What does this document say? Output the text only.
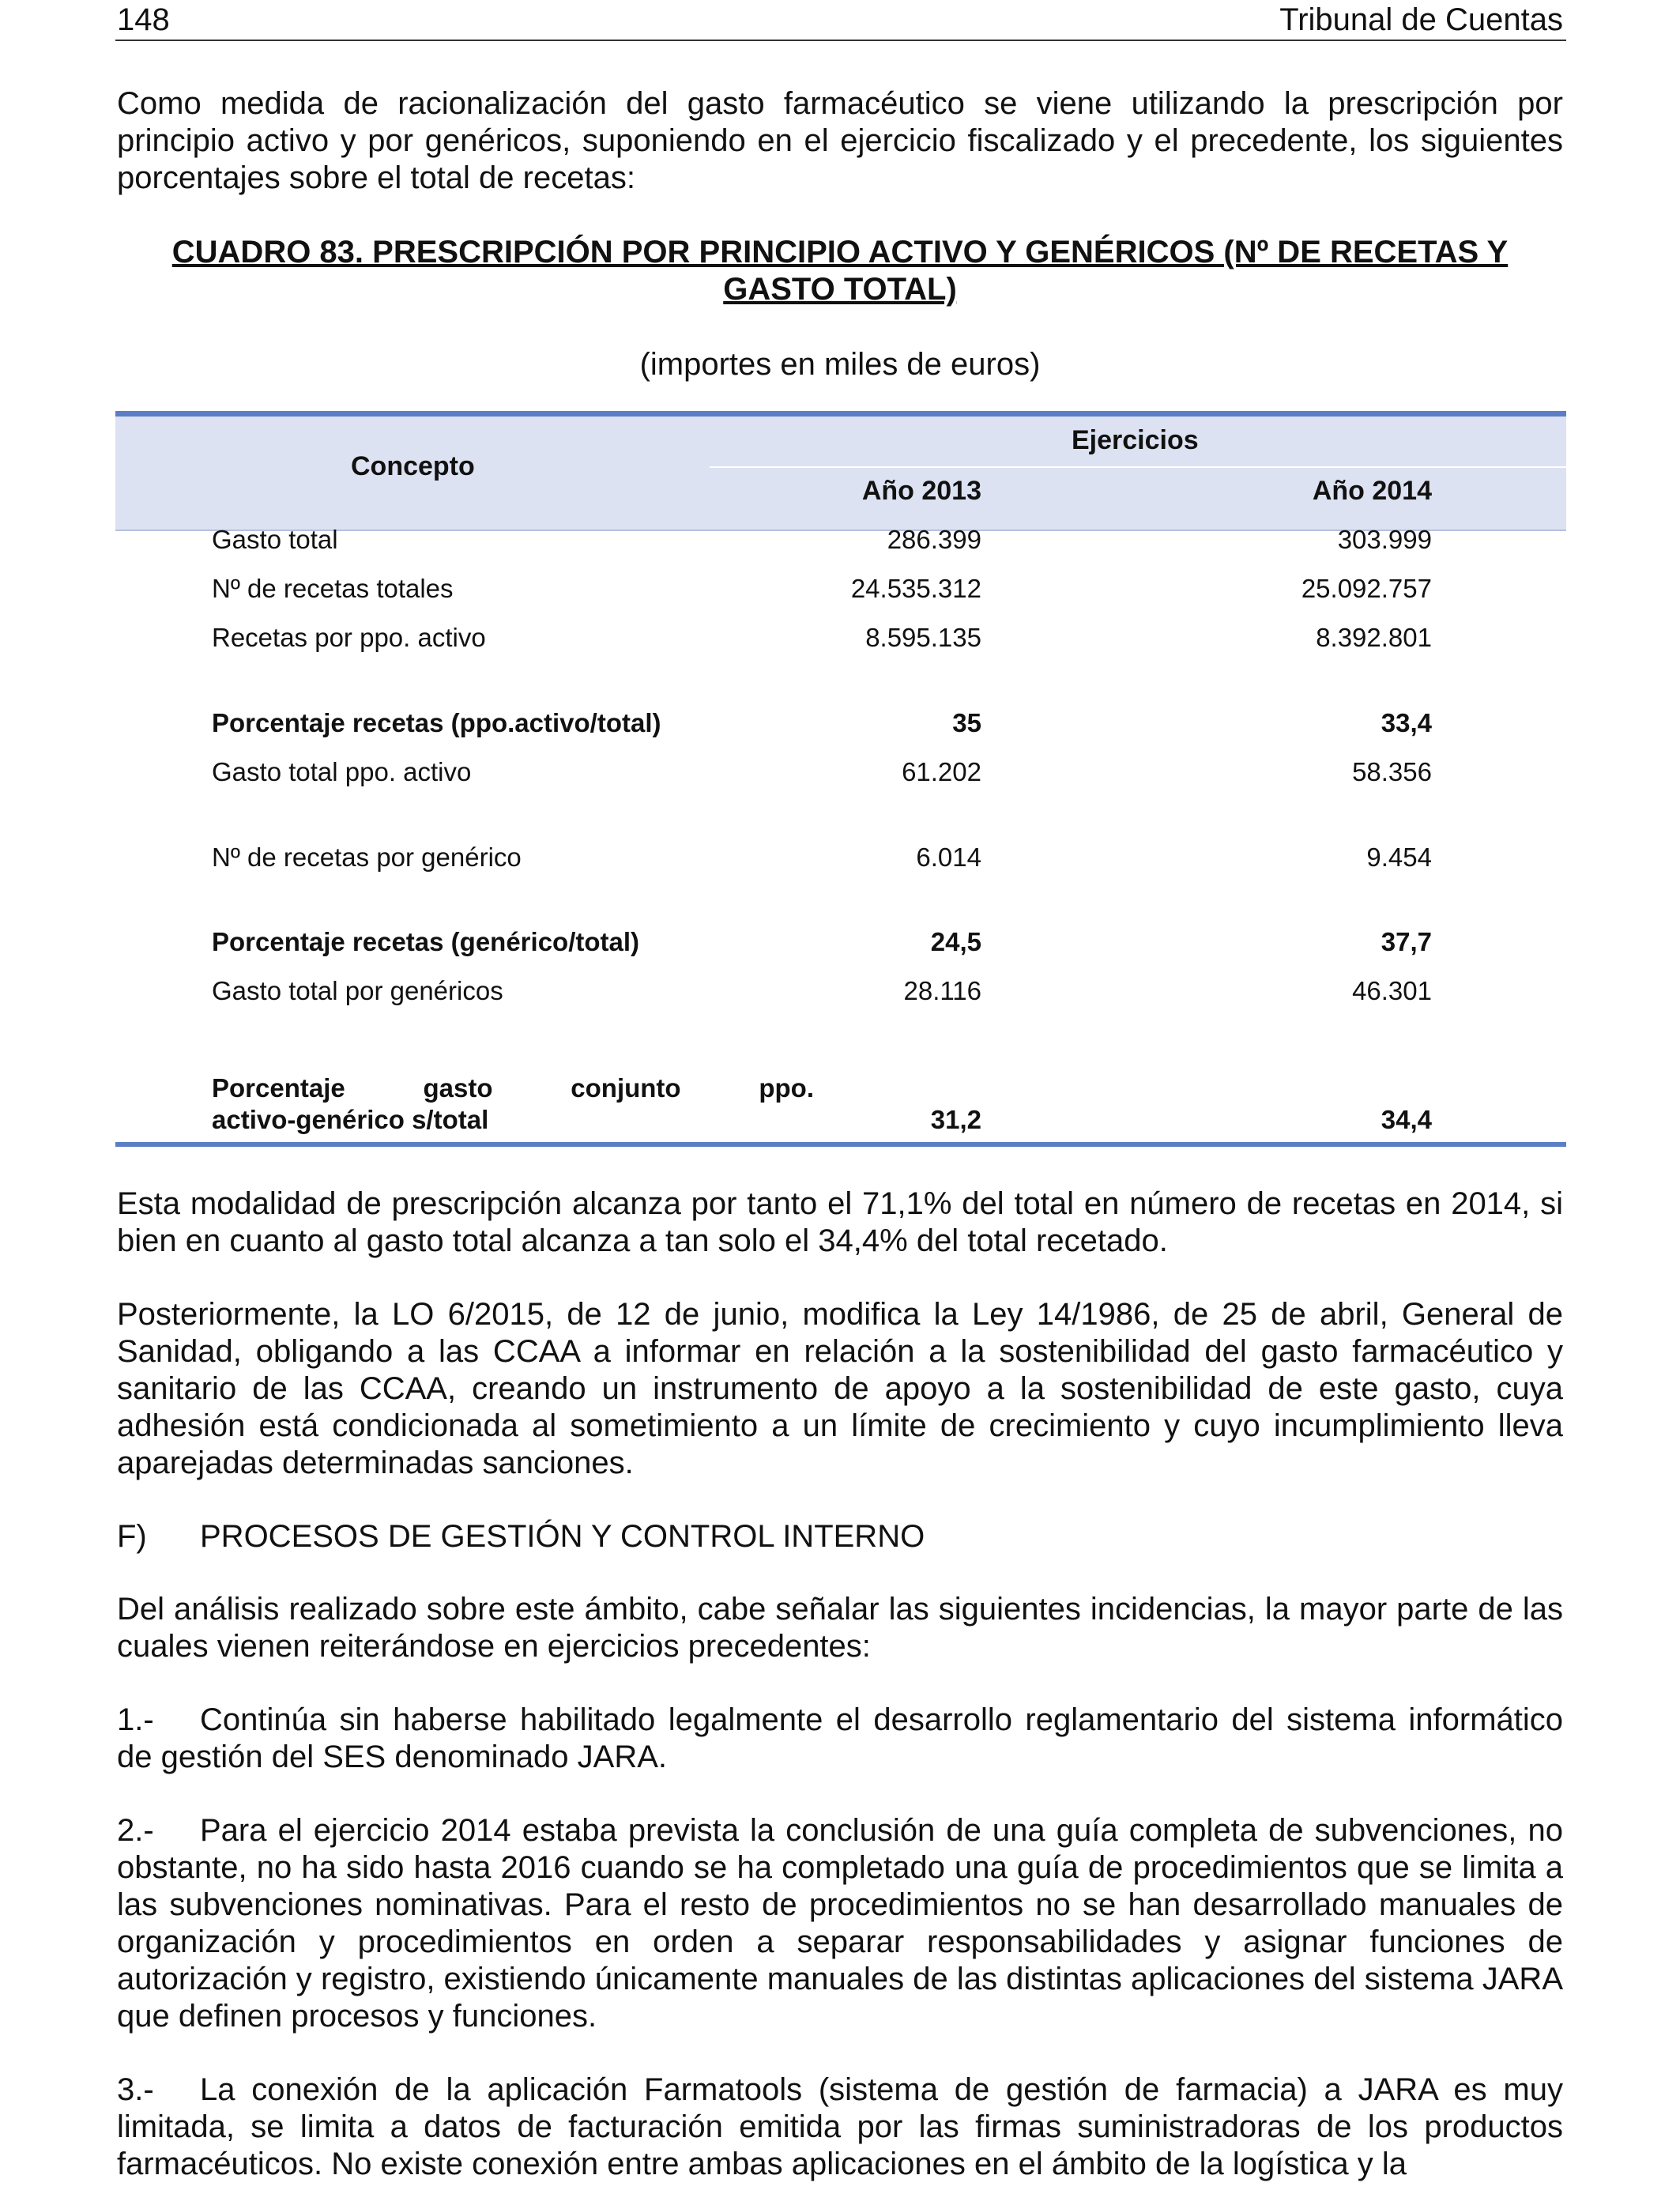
148	Tribunal de Cuentas

Como medida de racionalización del gasto farmacéutico se viene utilizando la prescripción por principio activo y por genéricos, suponiendo en el ejercicio fiscalizado y el precedente, los siguientes porcentajes sobre el total de recetas:

CUADRO 83. PRESCRIPCIÓN POR PRINCIPIO ACTIVO Y GENÉRICOS (Nº DE RECETAS Y GASTO TOTAL)
(importes en miles de euros)
Concepto
Ejercicios
Año 2013	Año 2014
Gasto total	286.399	303.999
Nº de recetas totales	24.535.312	25.092.757
Recetas por ppo. activo	8.595.135	8.392.801
Porcentaje recetas (ppo.activo/total)	35	33,4
Gasto total ppo. activo	61.202	58.356
Nº de recetas por genérico	6.014	9.454
Porcentaje recetas (genérico/total)	24,5	37,7
Gasto total por genéricos	28.116	46.301
Porcentaje gasto conjunto ppo.
activo-genérico s/total	31,2	34,4

Esta modalidad de prescripción alcanza por tanto el 71,1% del total en número de recetas en 2014, si bien en cuanto al gasto total alcanza a tan solo el 34,4% del total recetado.

Posteriormente, la LO 6/2015, de 12 de junio, modifica la Ley 14/1986, de 25 de abril, General de Sanidad, obligando a las CCAA a informar en relación a la sostenibilidad del gasto farmacéutico y sanitario de las CCAA, creando un instrumento de apoyo a la sostenibilidad de este gasto, cuya adhesión está condicionada al sometimiento a un límite de crecimiento y cuyo incumplimiento lleva aparejadas determinadas sanciones.

F) PROCESOS DE GESTIÓN Y CONTROL INTERNO

Del análisis realizado sobre este ámbito, cabe señalar las siguientes incidencias, la mayor parte de las cuales vienen reiterándose en ejercicios precedentes:

1.- Continúa sin haberse habilitado legalmente el desarrollo reglamentario del sistema informático de gestión del SES denominado JARA.

2.- Para el ejercicio 2014 estaba prevista la conclusión de una guía completa de subvenciones, no obstante, no ha sido hasta 2016 cuando se ha completado una guía de procedimientos que se limita a las subvenciones nominativas. Para el resto de procedimientos no se han desarrollado manuales de organización y procedimientos en orden a separar responsabilidades y asignar funciones de autorización y registro, existiendo únicamente manuales de las distintas aplicaciones del sistema JARA que definen procesos y funciones.

3.- La conexión de la aplicación Farmatools (sistema de gestión de farmacia) a JARA es muy limitada, se limita a datos de facturación emitida por las firmas suministradoras de los productos farmacéuticos. No existe conexión entre ambas aplicaciones en el ámbito de la logística y la
